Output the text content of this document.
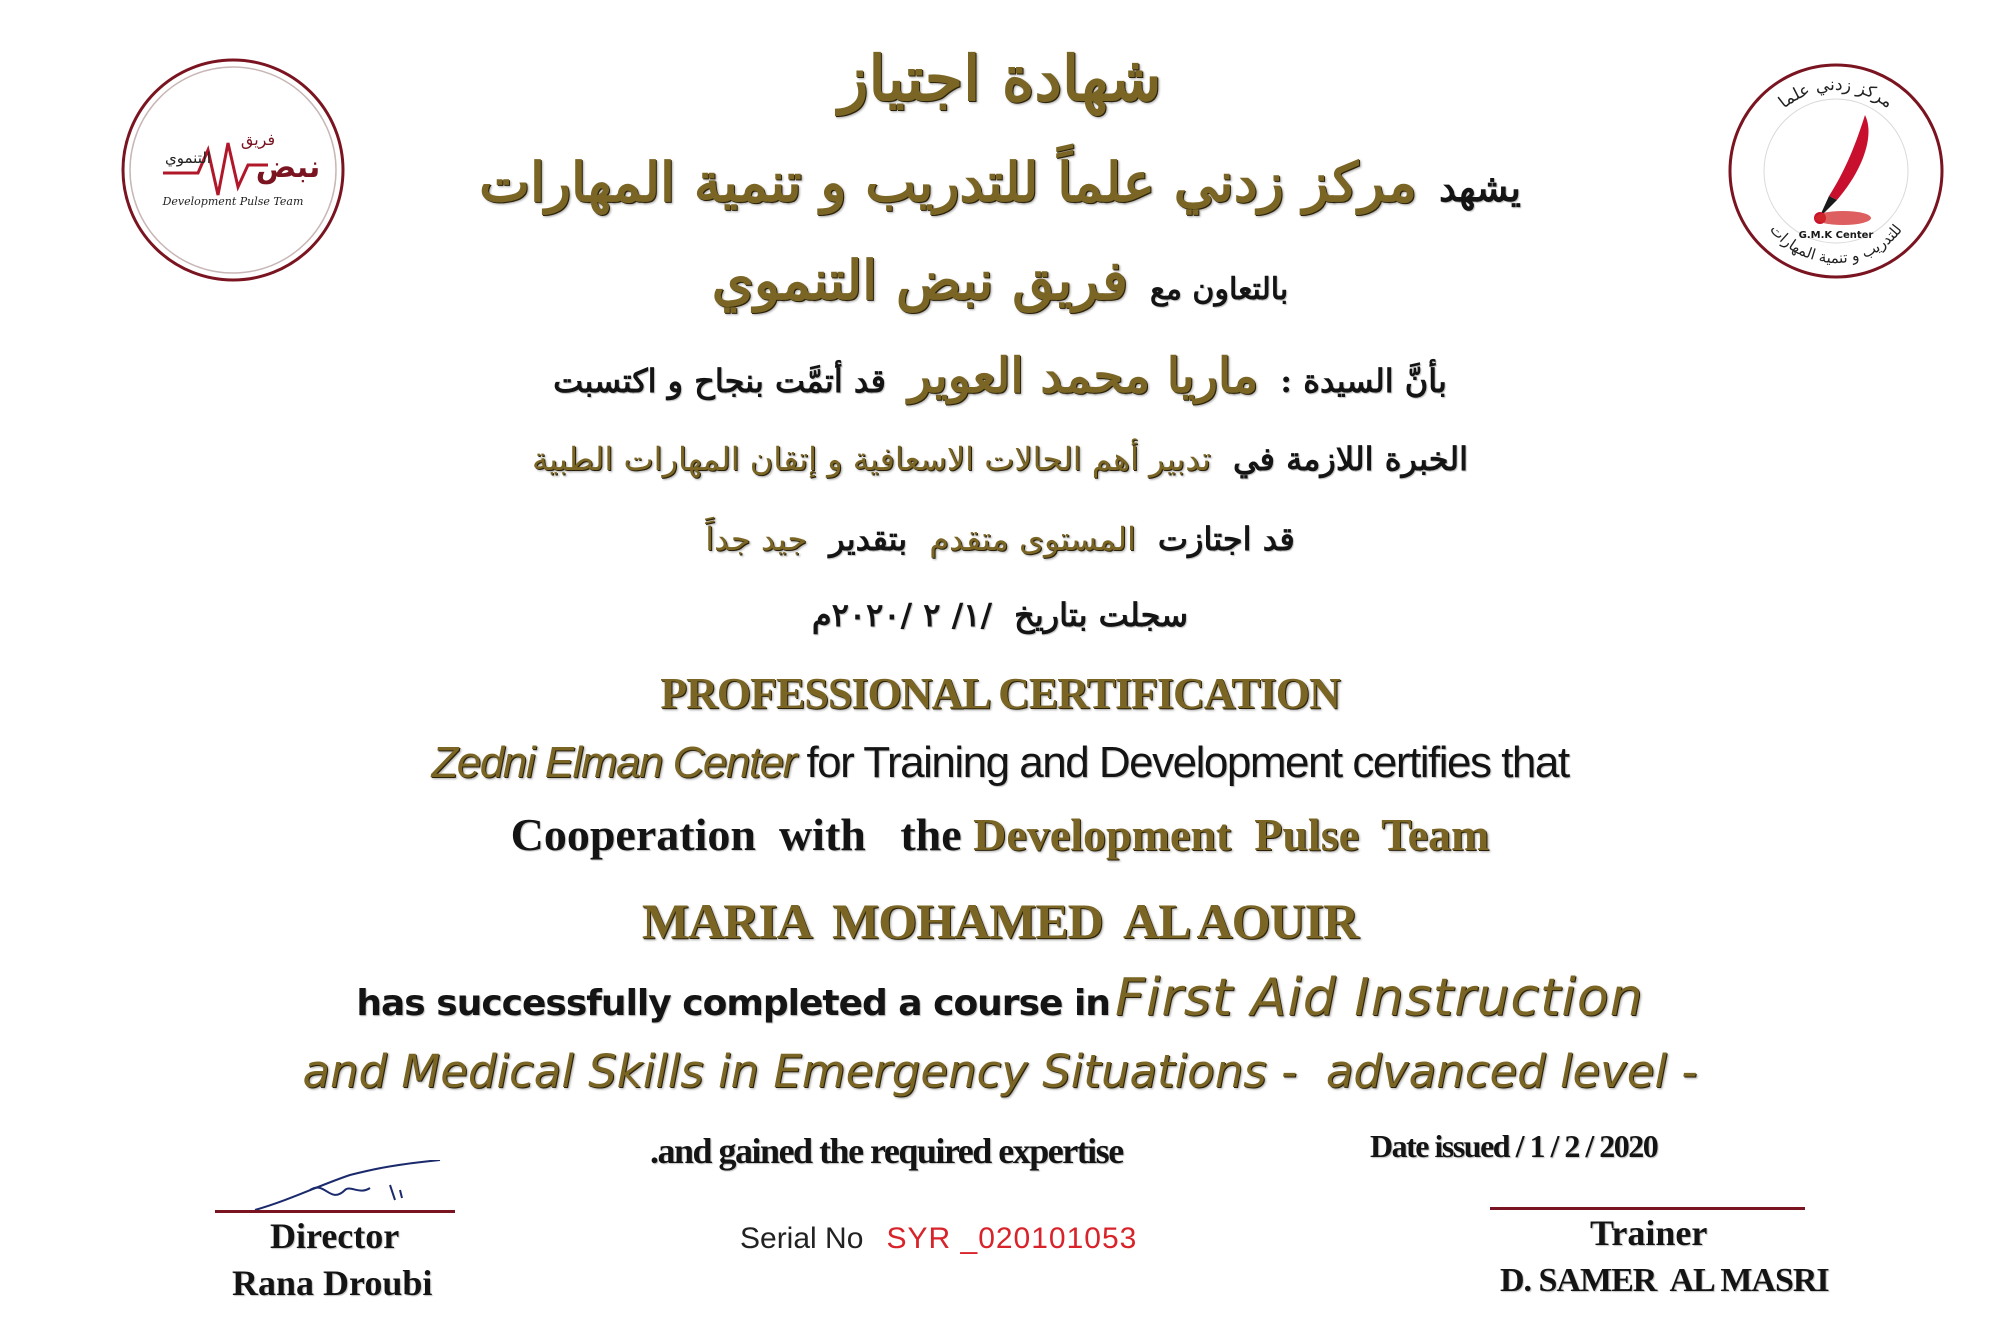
فريق
نبض
التنموي
Development Pulse Team
مركز زدني علما
للتدريب و تنمية المهارات
G.M.K Center
شهادة اجتياز
يشهد
مركز زدني علماً للتدريب و تنمية المهارات
بالتعاون مع
فريق نبض التنموي
بأنَّ السيدة :
ماريا محمد العوير
قد أتمَّت بنجاح و اكتسبت
الخبرة اللازمة في
تدبير أهم الحالات الاسعافية و إتقان المهارات الطبية
قد اجتازت
المستوى متقدم
بتقدير
جيد جداً
سجلت بتاريخ
/١/ ٢ /٢٠٢٠م
PROFESSIONAL CERTIFICATION
Zedni Elman Center for Training and Development certifies that
Cooperation  with   the Development  Pulse  Team
MARIA  MOHAMED  AL AOUIR
has successfully completed a course in First Aid Instruction
and Medical Skills in Emergency Situations -  advanced level -
.and gained the required expertise	Date issued / 1 / 2 / 2020
Director
Rana Droubi
Serial No SYR _020101053	Trainer
D. SAMER  AL MASRI
